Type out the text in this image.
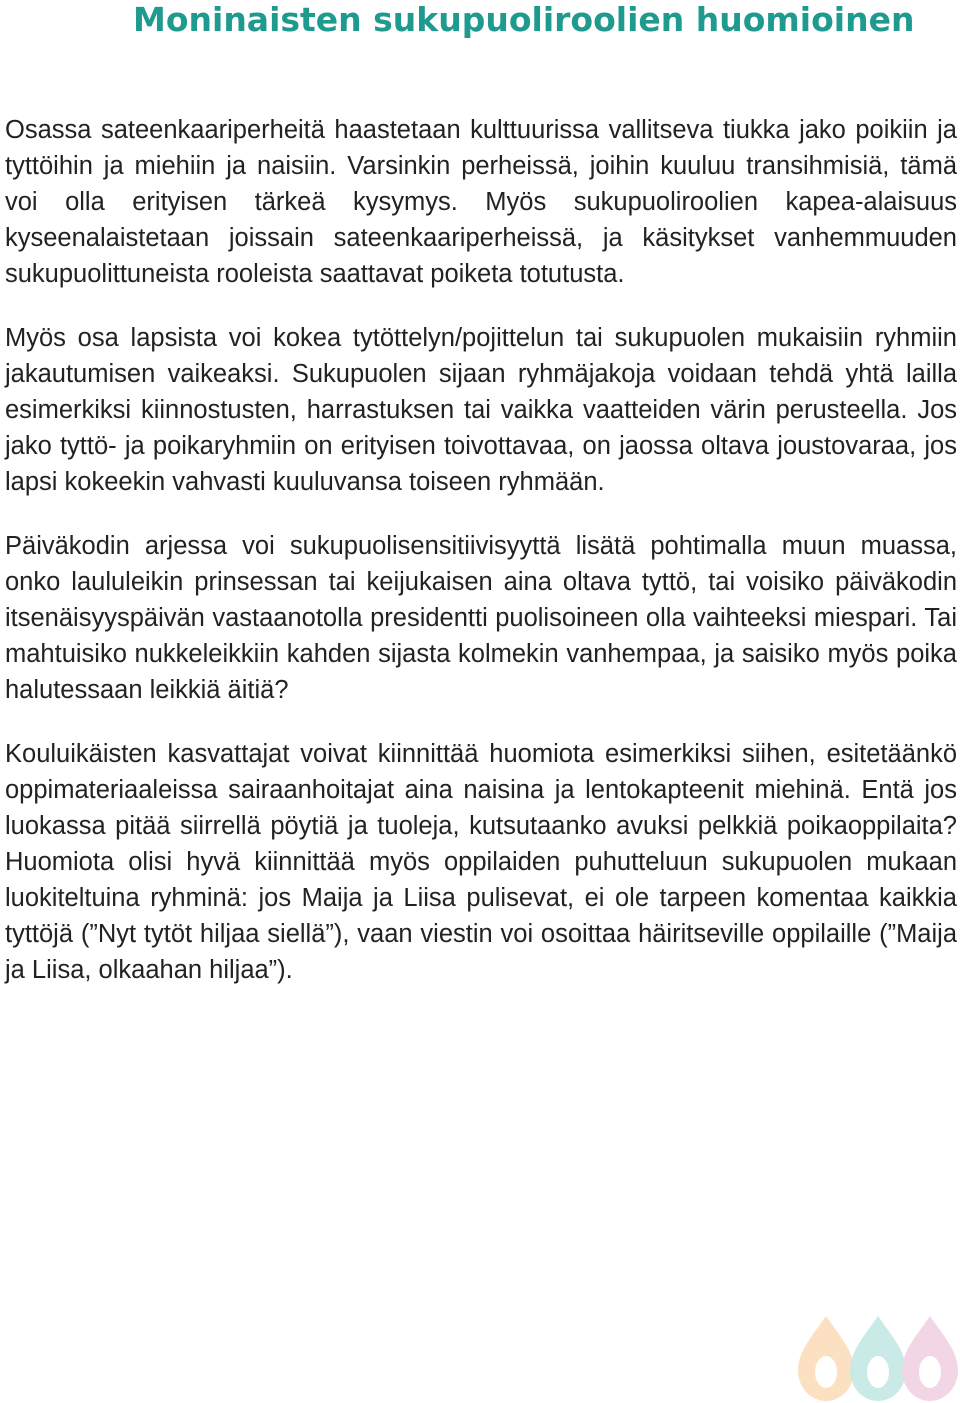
Moninaisten sukupuoliroolien huomioinen

Osassa sateenkaariperheitä haastetaan kulttuurissa vallitseva tiukka jako poikiin ja tyttöihin ja miehiin ja naisiin. Varsinkin perheissä, joihin kuuluu transihmisiä, tämä voi olla erityisen tärkeä kysymys. Myös sukupuoliroolien kapea-alaisuus kyseenalaistetaan joissain sateenkaariperheissä, ja käsitykset vanhemmuuden sukupuolittuneista rooleista saattavat poiketa totutusta.

Myös osa lapsista voi kokea tytöttelyn/pojittelun tai sukupuolen mukaisiin ryhmiin jakautumisen vaikeaksi. Sukupuolen sijaan ryhmäjakoja voidaan tehdä yhtä lailla esimerkiksi kiinnostusten, harrastuksen tai vaikka vaatteiden värin perusteella. Jos jako tyttö- ja poikaryhmiin on erityisen toivottavaa, on jaossa oltava joustovaraa, jos lapsi kokeekin vahvasti kuuluvansa toiseen ryhmään.

Päiväkodin arjessa voi sukupuolisensitiivisyyttä lisätä pohtimalla muun muassa, onko laululeikin prinsessan tai keijukaisen aina oltava tyttö, tai voisiko päiväkodin itsenäisyyspäivän vastaanotolla presidentti puolisoineen olla vaihteeksi miespari. Tai mahtuisiko nukkeleikkiin kahden sijasta kolmekin vanhempaa, ja saisiko myös poika halutessaan leikkiä äitiä?

Kouluikäisten kasvattajat voivat kiinnittää huomiota esimerkiksi siihen, esitetäänkö oppimateriaaleissa sairaanhoitajat aina naisina ja lentokapteenit miehinä. Entä jos luokassa pitää siirrellä pöytiä ja tuoleja, kutsutaanko avuksi pelkkiä poikaoppilaita? Huomiota olisi hyvä kiinnittää myös oppilaiden puhutteluun sukupuolen mukaan luokiteltuina ryhminä: jos Maija ja Liisa pulisevat, ei ole tarpeen komentaa kaikkia tyttöjä (”Nyt tytöt hiljaa siellä”), vaan viestin voi osoittaa häiritseville oppilaille (”Maija ja Liisa, olkaahan hiljaa”).
